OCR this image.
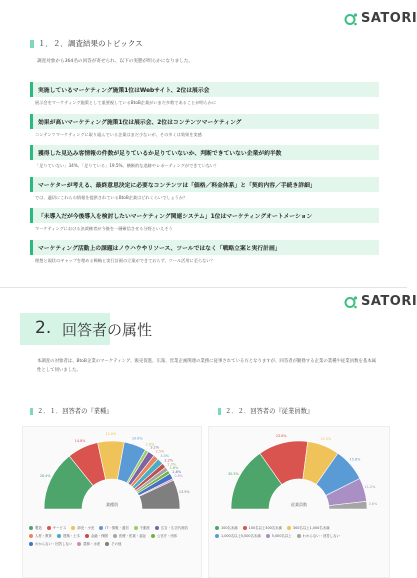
SATORI
１．２．調査結果のトピックス
調査対象から364名の回答が寄せられ、以下の実態が明らかになりました。
実施しているマーケティング施策1位はWebサイト、2位は展示会
展示会をマーケティング施策として重要視しているBtoB企業がいまだ多数であることが明らかに
効果が高いマーケティング施策1位は展示会、2位はコンテンツマーケティング
コンテンツマーケティングに取り組んでいる企業はまだ少ないが、その多くは効果を実感
獲得した見込み客情報の件数が足りているか足りていないか、判断できていない企業が約半数
「足りていない」34%、「足りている」19.5%。横断的な追跡やレポーティングができていない？
マーケターが考える、最終意思決定に必要なコンテンツは「価格／料金体系」と「契約内容／手続き詳細」
では、適切にこれらの情報を提供されているBtoB企業はどれくらいでしょうか？
「未導入だが今後導入を検討したいマーケティング関連システム」1位はマーケティングオートメーション
マーケティングにおける決裁権者が今後を一層確信させる分野といえそう
マーケティング活動上の課題はノウハウやリソース、ツールではなく「戦略立案と実行計画」
理想と現状のギャップを埋める戦略と実行計画の立案ができておらず、ツール活用に至らない？
SATORI
2. 回答者の属性
本調査の対象者は、BtoB企業のマーケティング、販売促進、広報、営業企画関連の業務に従事されている方となりますが、回答者が勤務する企業の業種や従業員数を基本属性として伺いました。
２．１．回答者の『業種』	２．２．回答者の『従業員数』
28.4%
14.8%
12.6%
10.6%
1.6%
3.2%
2.5%
3.0%
2.2%
2.0%
1.6%
2.8%
0.8%
13.9%
業種別
製造	サービス	卸売・小売	IT・情報・通信	不動産	広告・広告代理店
人材・教育	建築・土木	金融・保険	医療・医薬・福祉	公官庁・団体
わからない・回答しない	農林・水産	その他
30.5%
23.6%
15.3%
15.8%
11.2%
3.6%
従業員数
100名未満	100名以上300名未満	300名以上1,000名未満
1,000名以上5,000名未満	5,000名以上	わからない・回答しない
